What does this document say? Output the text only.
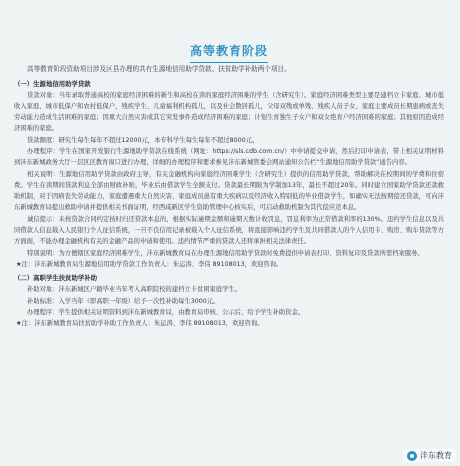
高等教育阶段

高等教育阶段资助项目涉及区县办理的共有生源地信用助学贷款、扶贫助学补助两个项目。

（一）生源地信用助学贷款

贷款对象：当年录取普通高校的家庭经济困难的新生和高校在读的家庭经济困难的学生（含研究生）。家庭经济困难类型主要是建档立卡家庭、城市低收入家庭、城市低保户和农村低保户，残疾学生、儿童福利机构孤儿，以及社会散居孤儿，父母双残或单残、残疾人员子女、家庭主要成员长期患病或丧失劳动能力造成生活困难的家庭；因重大自然灾害或其它突发事件造成经济困难的家庭；计划生育独生子女户和双女绝育户经济困难的家庭；其他原因造成经济困难的家庭。

贷款额度：研究生每生每年不超过12000元，本专科学生每生每年不超过8000元。

办理程序：学生在国家开发银行生源地助学贷款在线系统（网址：https://sls.cdb.com.cn/）中申请提交申请，然后打印申请表，带上相关证明材料到沣东新城政务大厅一层区区教育窗口进行办理，详细的办理程序和要求参见沣东新城管委会网站通知公告栏“生源地信用助学贷款”通告内容。

相关说明：生源地信用助学贷款由政府主导，有关金融机构向家庭经济困难学生（含研究生）提供的信用助学贷款，帮助解决在校期间的学费和住宿费。学生在读期间贷款利息全部由财政补贴，毕业后由借款学生全额支付。贷款最长期限为学制加13年，最长不超过20年。同时建立国家助学贷款还款救助机制，对于因病丧失劳动能力，家庭遭遇重大自然灾害，家庭成员患有重大疾病以及经济收入特别低的毕业借款学生，如确实无法按期偿还贷款，可向沣东新城教育局提出救助申请并提供相关书面证明，经西咸新区学生资助管理中心核实后，可启动救助机制为其代偿应还本息。

诚信提示：未按贷款合同约定按时归还贷款本息的，根据实际逾期金额和逾期天数计收罚息，罚息利率为正常借款利率的130%。违约学生信息以及共同借款人信息载入人民银行个人征信系统，一旦不良信用记录被载入个人征信系统，将直接影响违约学生及共同借款人的个人信用卡、购房、购车贷款等方方面面，不能办理金融机构有关的金融产品的申请和使用。违约情节严重的贷款人还将承担相关法律责任。

特别说明：为方便辖区家庭经济困难学生，沣东新城教育局在办理生源地信用助学贷款时免费提供申请表打印、资料复印及贷款所需档案服务。

★注：沣东新城教育局生源地信用助学贷款工作负责人：朱运涛、李伟 89108013，欢迎咨询。

（二）高职学生扶贫助学补助

补助对象：沣东新城区户籍毕业当年考入高职院校的建档立卡贫困家庭学生。

补助标准：入学当年（即高职一年级）给予一次性补助每生3000元。

办理程序：学生提供相关证明资料到沣东新城教育局，由教育局审核、公示后，给予学生补助资金。

★注：沣东新城教育局扶贫助学补助工作负责人：朱运涛、李伟 89108013，欢迎咨询。

沣东教育
